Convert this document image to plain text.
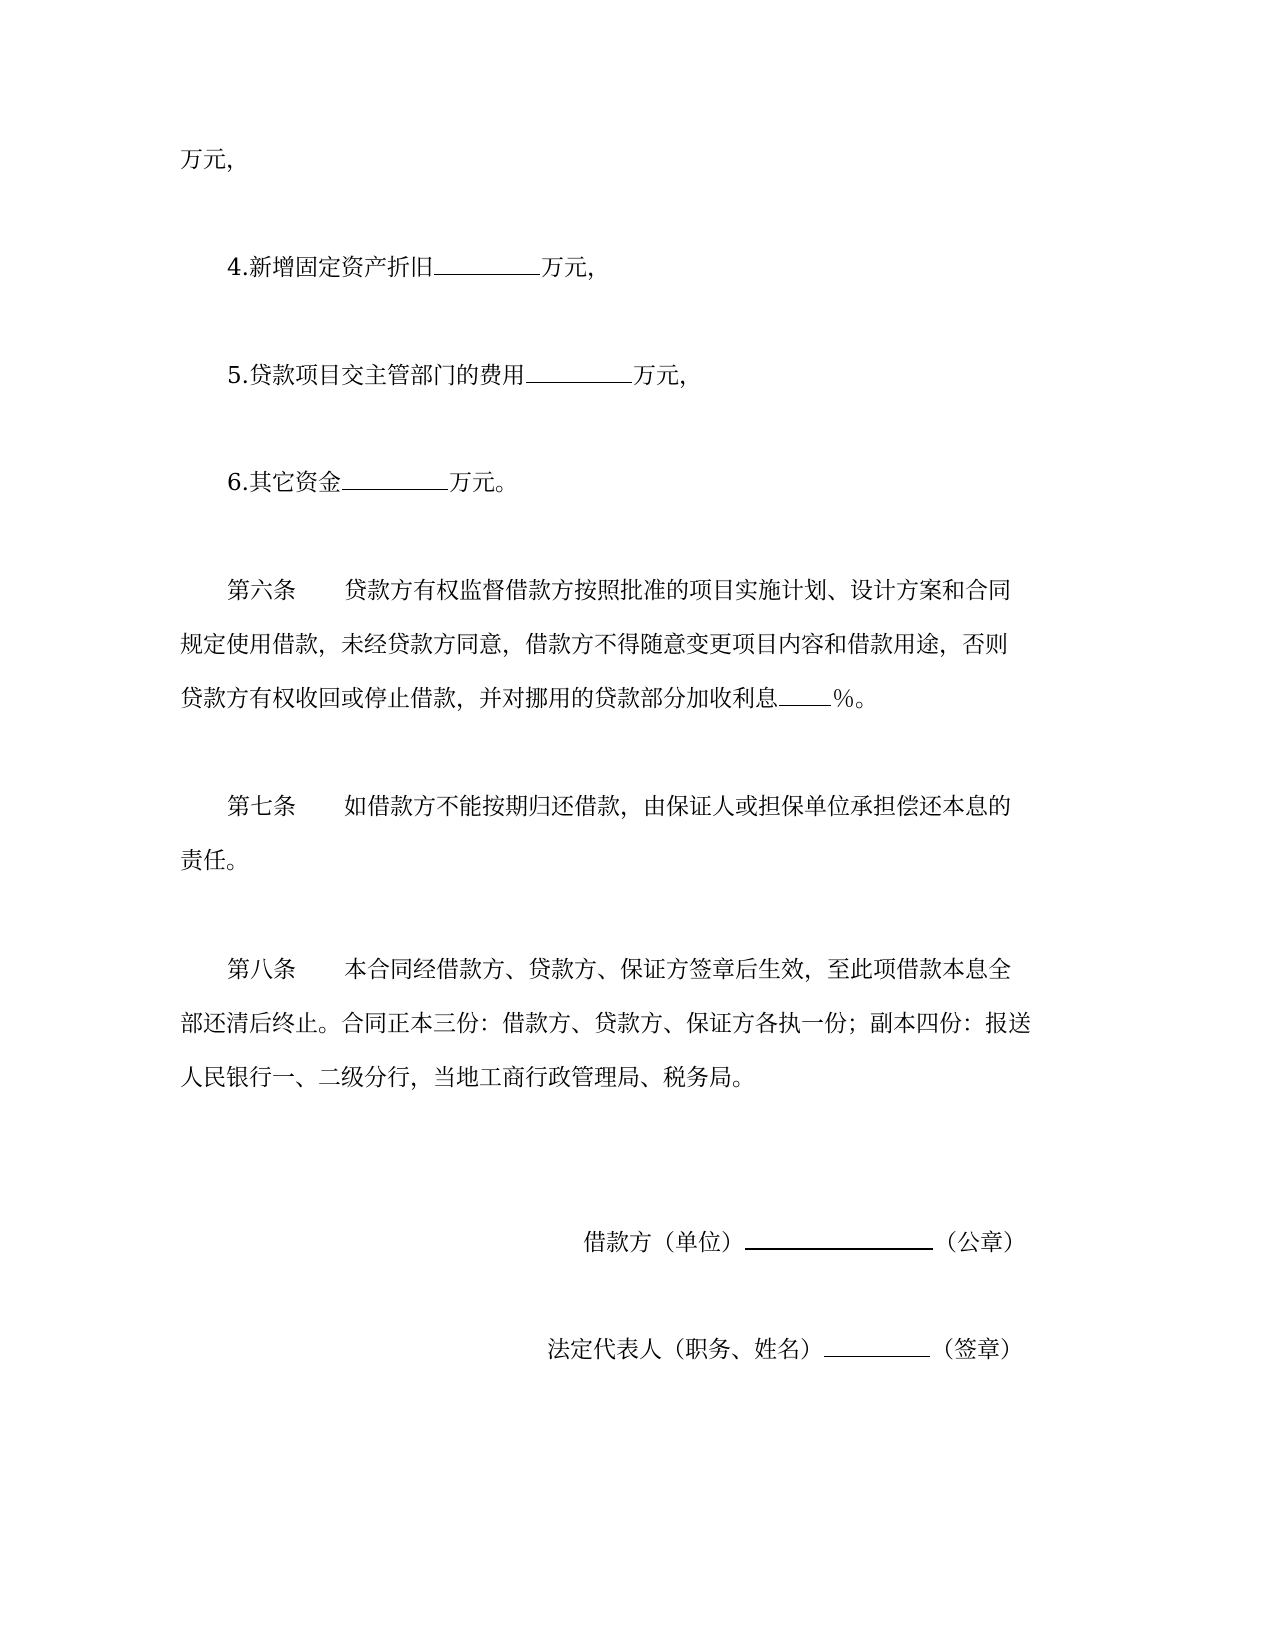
万元，
4.新增固定资产折旧	万元，
5.贷款项目交主管部门的费用	万元，
6.其它资金	万元。
第六条 贷款方有权监督借款方按照批准的项目实施计划、设计方案和合同
规定使用借款，未经贷款方同意，借款方不得随意变更项目内容和借款用途，否则
贷款方有权收回或停止借款，并对挪用的贷款部分加收利息 ％。
第七条 如借款方不能按期归还借款，由保证人或担保单位承担偿还本息的
责任。
第八条 本合同经借款方、贷款方、保证方签章后生效，至此项借款本息全
部还清后终止。合同正本三份：借款方、贷款方、保证方各执一份；副本四份：报送
人民银行一、二级分行，当地工商行政管理局、税务局。
借款方（单位）	（公章）
法定代表人（职务、姓名）	（签章）
